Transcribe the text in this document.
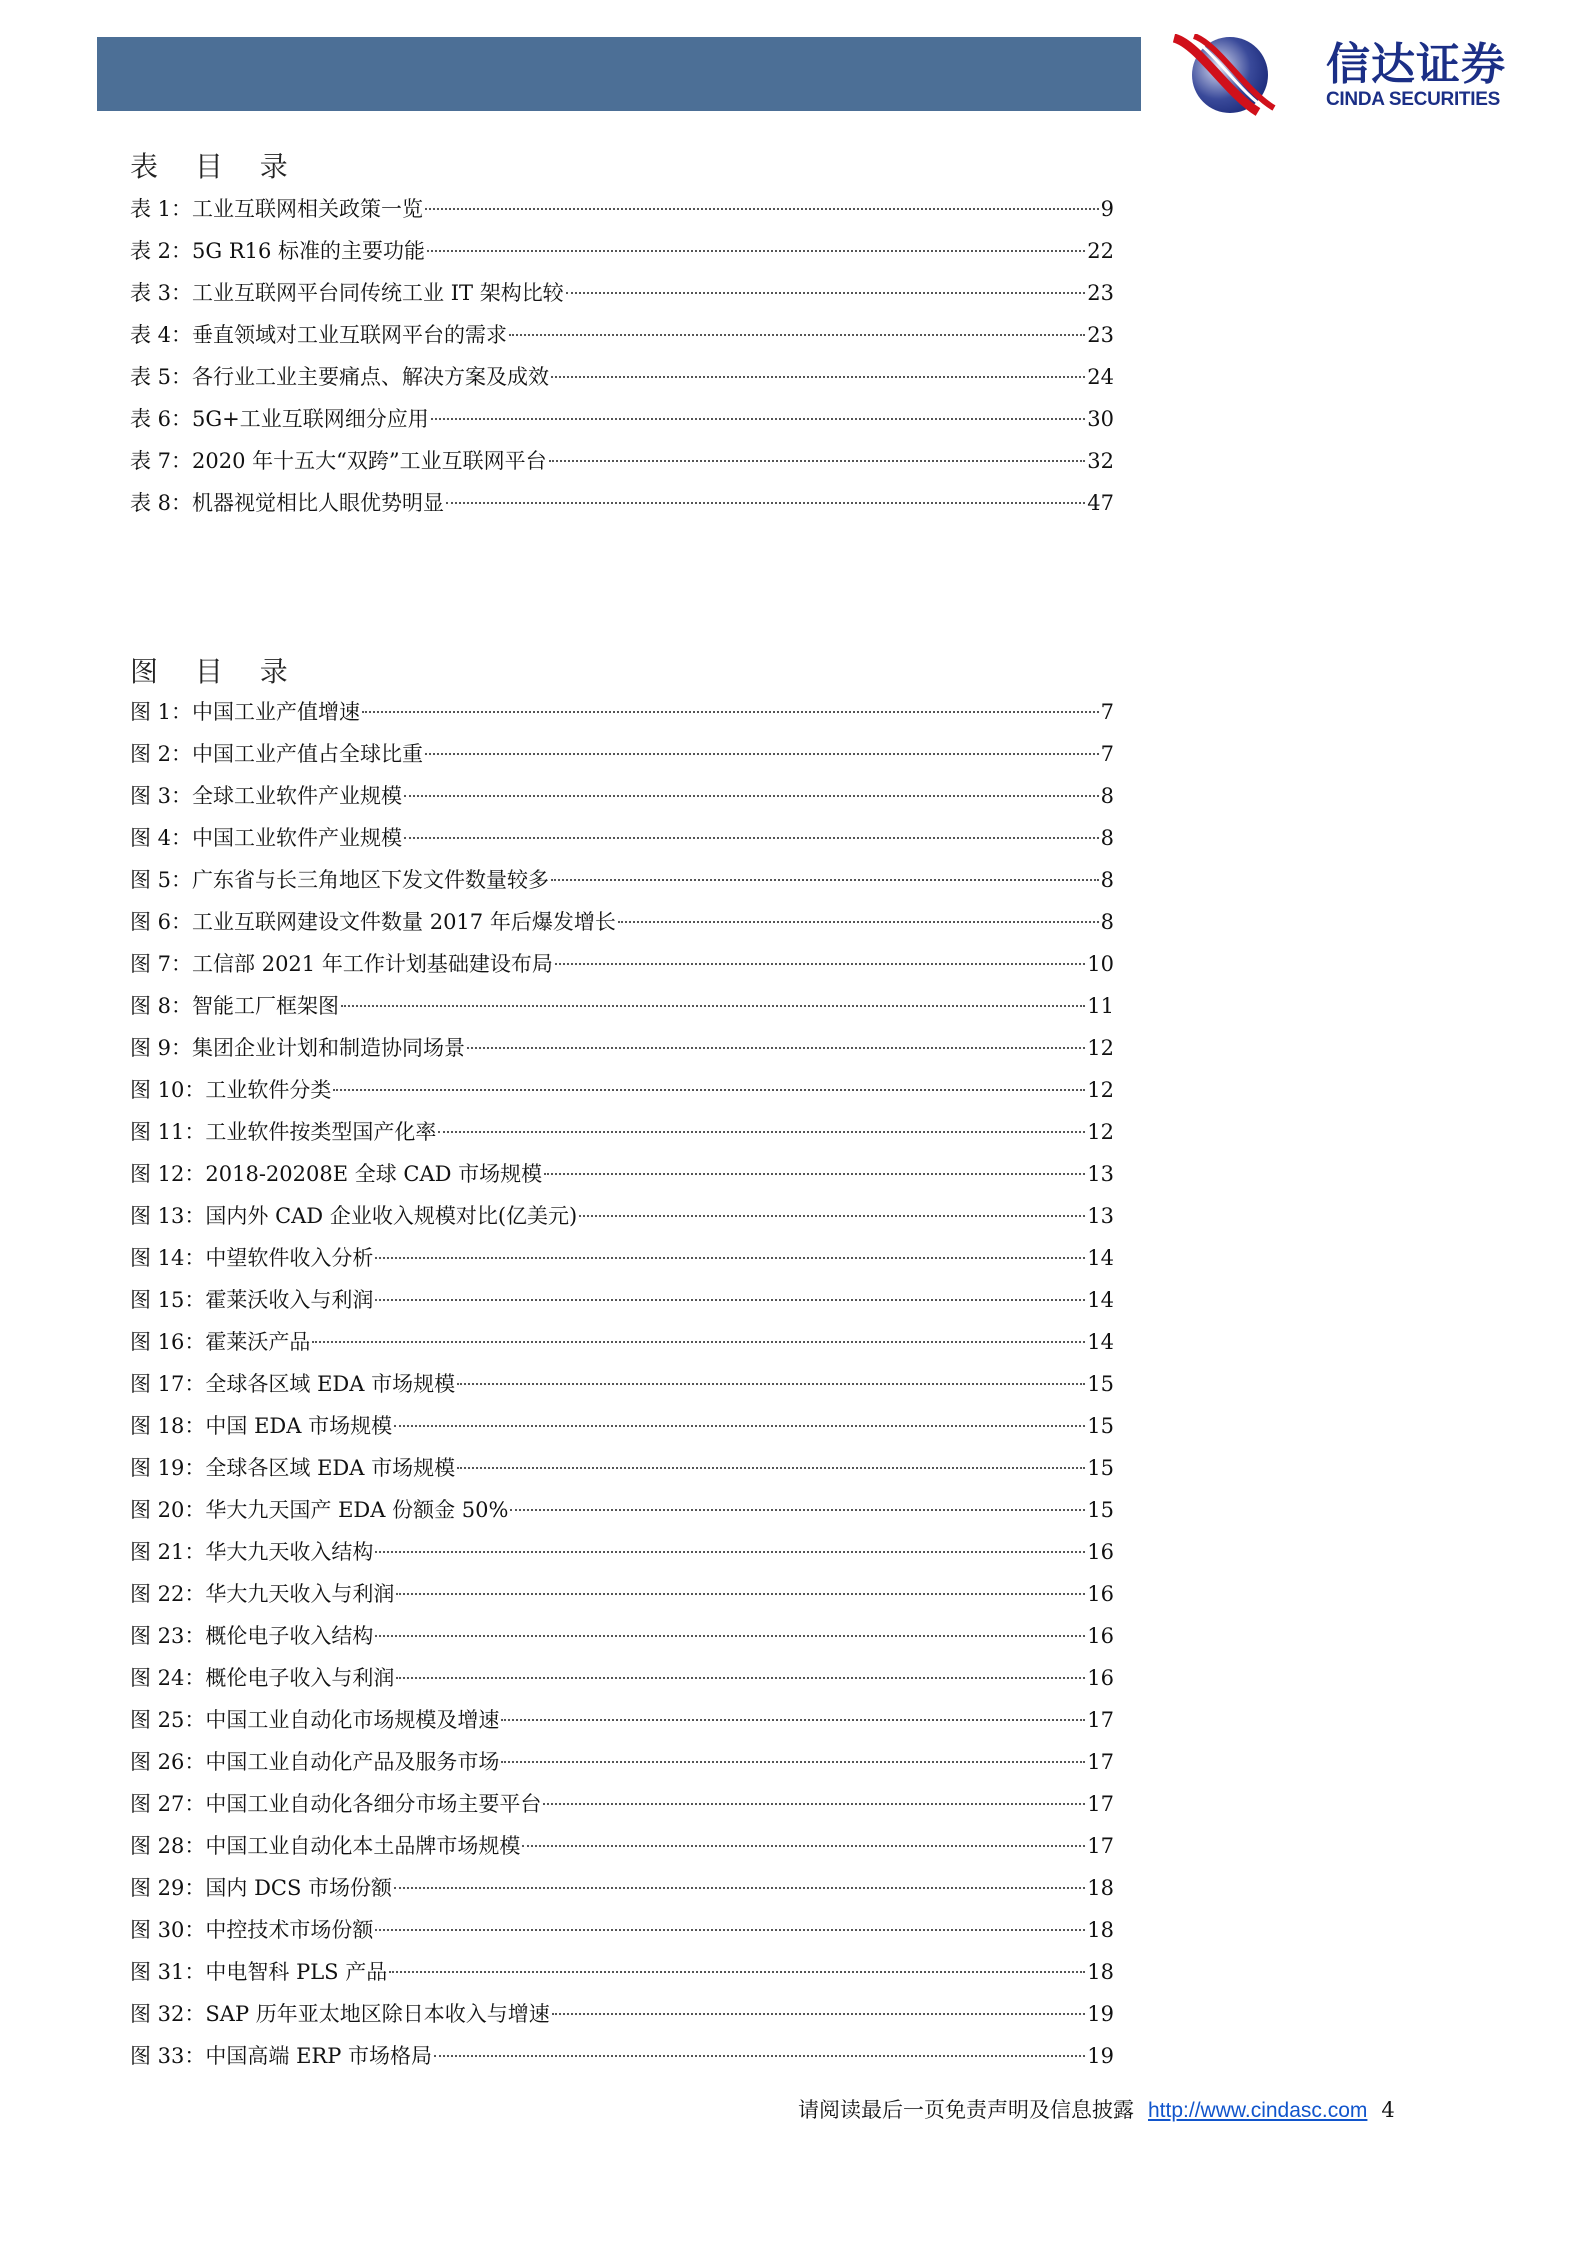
信达证券
CINDA SECURITIES
表 目 录
表 1：工业互联网相关政策一览	9
表 2：5G R16 标准的主要功能	22
表 3：工业互联网平台同传统工业 IT 架构比较	23
表 4：垂直领域对工业互联网平台的需求	23
表 5：各行业工业主要痛点、解决方案及成效	24
表 6：5G+工业互联网细分应用	30
表 7：2020 年十五大“双跨”工业互联网平台	32
表 8：机器视觉相比人眼优势明显	47
图 目 录
图 1：中国工业产值增速	7
图 2：中国工业产值占全球比重	7
图 3：全球工业软件产业规模	8
图 4：中国工业软件产业规模	8
图 5：广东省与长三角地区下发文件数量较多	8
图 6：工业互联网建设文件数量 2017 年后爆发增长	8
图 7：工信部 2021 年工作计划基础建设布局	10
图 8：智能工厂框架图	11
图 9：集团企业计划和制造协同场景	12
图 10：工业软件分类	12
图 11：工业软件按类型国产化率	12
图 12：2018-20208E 全球 CAD 市场规模	13
图 13：国内外 CAD 企业收入规模对比(亿美元)	13
图 14：中望软件收入分析	14
图 15：霍莱沃收入与利润	14
图 16：霍莱沃产品	14
图 17：全球各区域 EDA 市场规模	15
图 18：中国 EDA 市场规模	15
图 19：全球各区域 EDA 市场规模	15
图 20：华大九天国产 EDA 份额金 50%	15
图 21：华大九天收入结构	16
图 22：华大九天收入与利润	16
图 23：概伦电子收入结构	16
图 24：概伦电子收入与利润	16
图 25：中国工业自动化市场规模及增速	17
图 26：中国工业自动化产品及服务市场	17
图 27：中国工业自动化各细分市场主要平台	17
图 28：中国工业自动化本土品牌市场规模	17
图 29：国内 DCS 市场份额	18
图 30：中控技术市场份额	18
图 31：中电智科 PLS 产品	18
图 32：SAP 历年亚太地区除日本收入与增速	19
图 33：中国高端 ERP 市场格局	19
请阅读最后一页免责声明及信息披露 http://www.cindasc.com 4
